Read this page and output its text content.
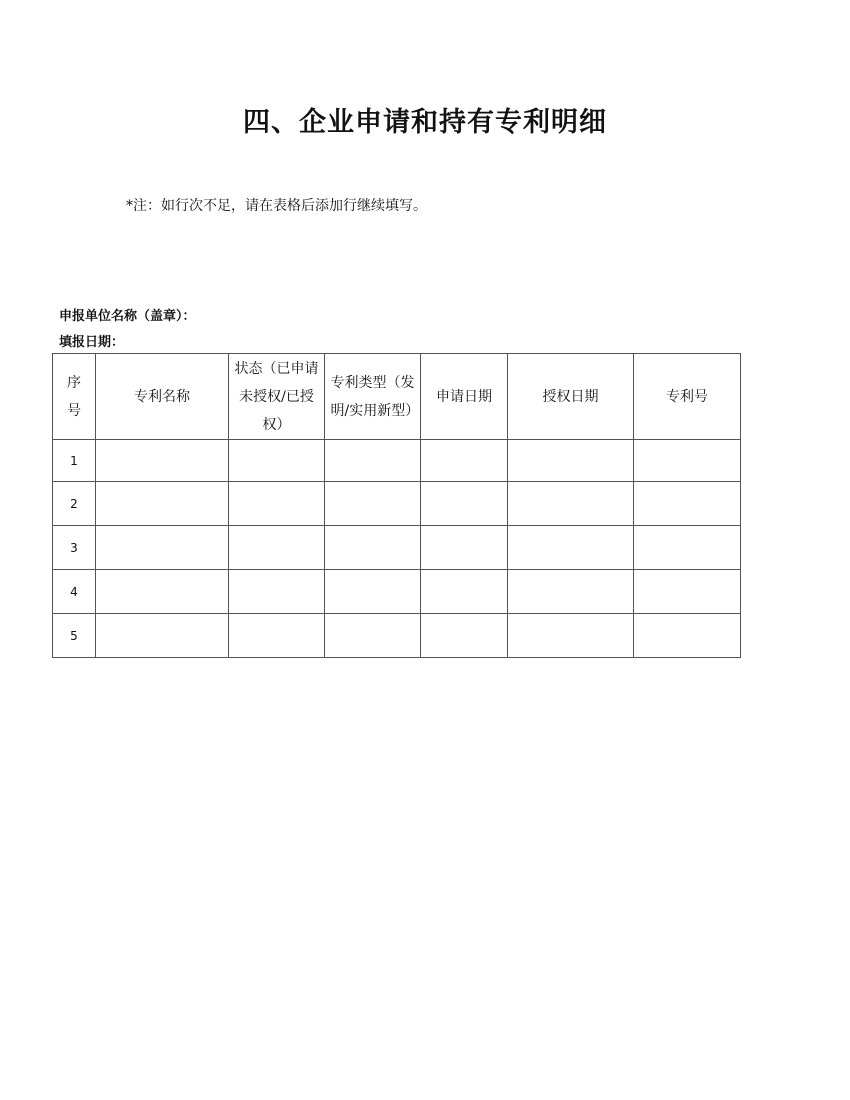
四、企业申请和持有专利明细

*注：如行次不足，请在表格后添加行继续填写。

申报单位名称（盖章）：

填报日期：

序号	专利名称	状态（已申请未授权/已授权）	专利类型（发明/实用新型）	申请日期	授权日期	专利号
1						
2						
3						
4						
5						
